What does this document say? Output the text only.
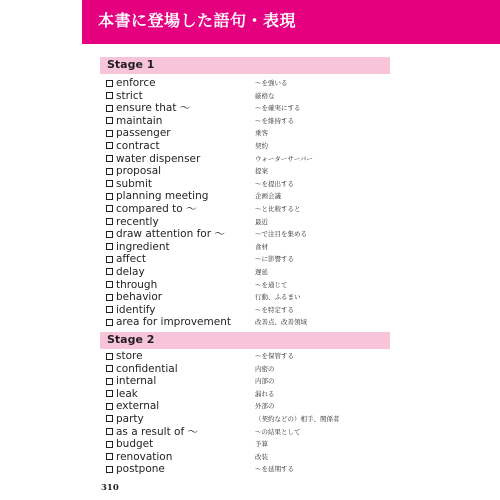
本書に登場した語句・表現
Stage 1
enforce	～を強いる
strict	厳格な
ensure that ～	～を確実にする
maintain	～を維持する
passenger	乗客
contract	契約
water dispenser	ウォーターサーバー
proposal	提案
submit	～を提出する
planning meeting	企画会議
compared to ～	～と比較すると
recently	最近
draw attention for ～	～で注目を集める
ingredient	食材
affect	～に影響する
delay	遅延
through	～を通じて
behavior	行動、ふるまい
identify	～を特定する
area for improvement	改善点、改善領域
Stage 2
store	～を保管する
confidential	内密の
internal	内部の
leak	漏れる
external	外部の
party	（契約などの）相手、関係者
as a result of ～	～の結果として
budget	予算
renovation	改装
postpone	～を延期する
310
